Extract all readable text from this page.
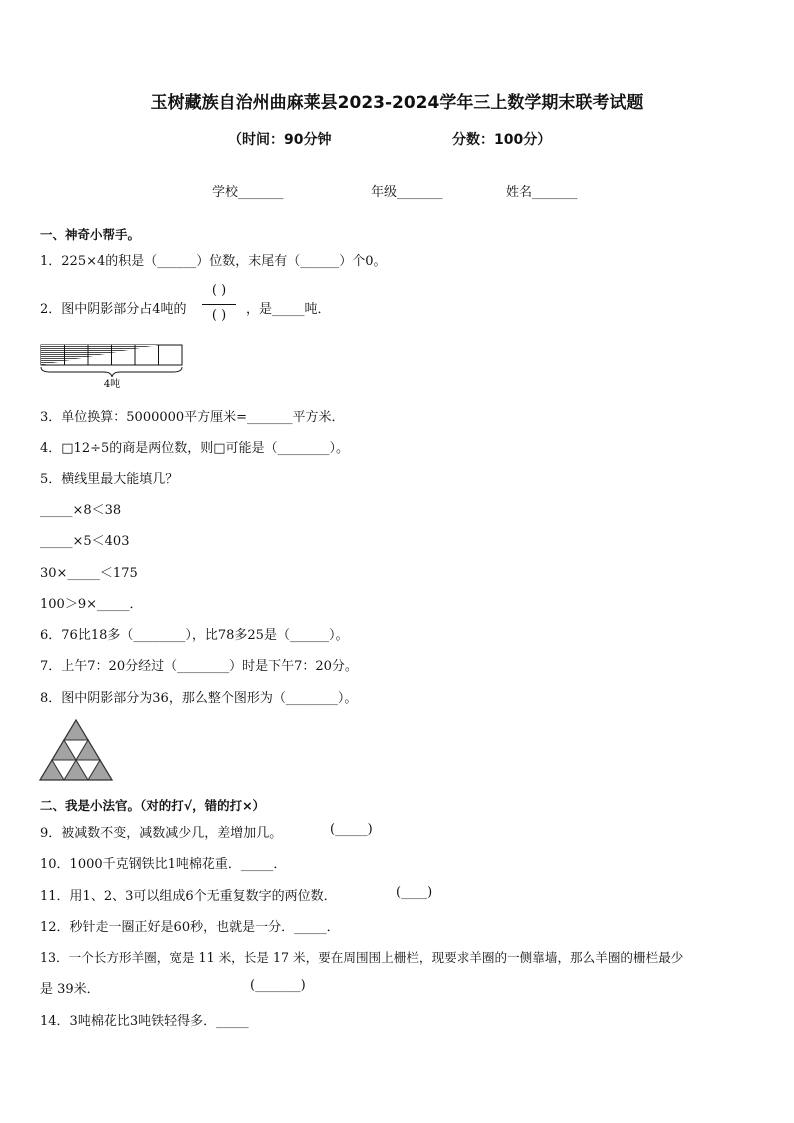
玉树藏族自治州曲麻莱县2023-2024学年三上数学期末联考试题
（时间：90分钟	分数：100分）
学校_______	年级_______	姓名_______
一、神奇小帮手。
1．225×4的积是（______）位数，末尾有（______）个0。
2．图中阴影部分占4吨的
( )
( )	，是_____吨．
4吨
3．单位换算：5000000平方厘米=_______平方米．
4．□12÷5的商是两位数，则□可能是（________）。
5．横线里最大能填几？
_____×8＜38
_____×5＜403
30×_____＜175
100＞9×_____．
6．76比18多（________），比78多25是（______）。
7．上午7：20分经过（________）时是下午7：20分。
8．图中阴影部分为36，那么整个图形为（________）。
二、我是小法官。（对的打√，错的打×）
9．被减数不变，减数减少几，差增加几。	(_____)
10．1000千克钢铁比1吨棉花重．_____．
11．用1、2、3可以组成6个无重复数字的两位数．	(____)
12．秒针走一圈正好是60秒，也就是一分．_____．
13．一个长方形羊圈，宽是 11 米，长是 17 米，要在周围围上栅栏，现要求羊圈的一侧靠墙，那么羊圈的栅栏最少
是 39米．	(_______)
14．3吨棉花比3吨铁轻得多．_____
